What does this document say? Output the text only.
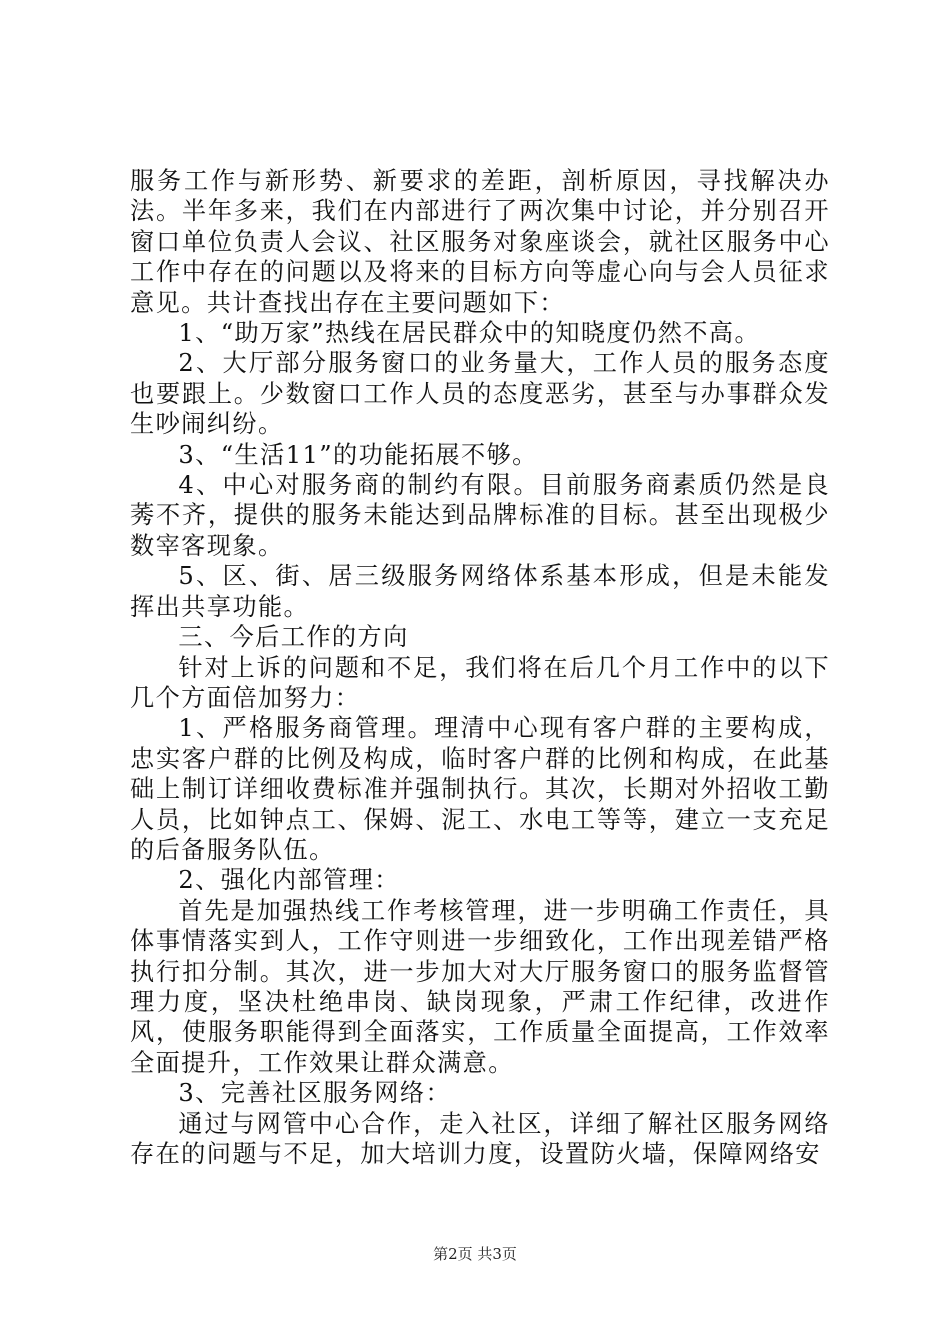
服务工作与新形势、新要求的差距，剖析原因，寻找解决办法。半年多来，我们在内部进行了两次集中讨论，并分别召开窗口单位负责人会议、社区服务对象座谈会，就社区服务中心工作中存在的问题以及将来的目标方向等虚心向与会人员征求意见。共计查找出存在主要问题如下：

1、“助万家”热线在居民群众中的知晓度仍然不高。

2、大厅部分服务窗口的业务量大，工作人员的服务态度也要跟上。少数窗口工作人员的态度恶劣，甚至与办事群众发生吵闹纠纷。

3、“生活11”的功能拓展不够。

4、中心对服务商的制约有限。目前服务商素质仍然是良莠不齐，提供的服务未能达到品牌标准的目标。甚至出现极少数宰客现象。

5、区、街、居三级服务网络体系基本形成，但是未能发挥出共享功能。

三、今后工作的方向

针对上诉的问题和不足，我们将在后几个月工作中的以下几个方面倍加努力：

1、严格服务商管理。理清中心现有客户群的主要构成，忠实客户群的比例及构成，临时客户群的比例和构成，在此基础上制订详细收费标准并强制执行。其次，长期对外招收工勤人员，比如钟点工、保姆、泥工、水电工等等，建立一支充足的后备服务队伍。

2、强化内部管理：

首先是加强热线工作考核管理，进一步明确工作责任，具体事情落实到人，工作守则进一步细致化，工作出现差错严格执行扣分制。其次，进一步加大对大厅服务窗口的服务监督管理力度，坚决杜绝串岗、缺岗现象，严肃工作纪律，改进作风，使服务职能得到全面落实，工作质量全面提高，工作效率全面提升，工作效果让群众满意。

3、完善社区服务网络：

通过与网管中心合作，走入社区，详细了解社区服务网络存在的问题与不足，加大培训力度，设置防火墙，保障网络安

第2页 共3页
